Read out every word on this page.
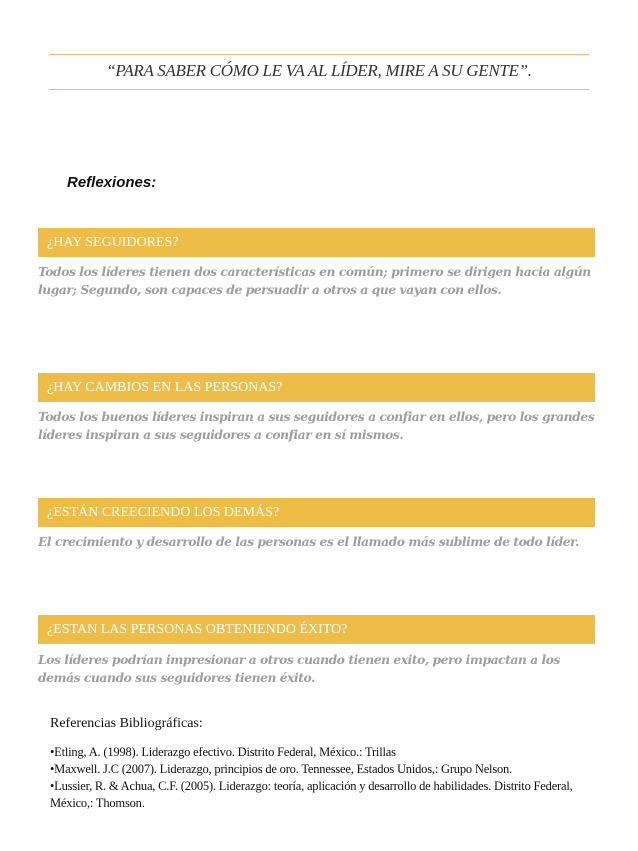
“PARA SABER CÓMO LE VA AL LÍDER, MIRE A SU GENTE”.
Reflexiones:
¿HAY SEGUIDORES?
Todos los líderes tienen dos características en común; primero se dirigen hacia algún lugar; Segundo, son capaces de persuadir a otros a que vayan con ellos.
¿HAY CAMBIOS EN LAS PERSONAS?
Todos los buenos líderes inspiran a sus seguidores a confiar en ellos, pero los grandes líderes inspiran a sus seguidores a confiar en sí mismos.
¿ESTÁN CREECIENDO LOS DEMÁS?
El crecimiento y desarrollo de las personas es el llamado más sublime de todo líder.
¿ESTAN LAS PERSONAS OBTENIENDO ÉXITO?
Los líderes podrían impresionar a otros cuando tienen exito, pero impactan a los demás cuando sus seguidores tienen éxito.
Referencias Bibliográficas:
•Etling, A. (1998). Liderazgo efectivo. Distrito Federal, México.: Trillas
•Maxwell. J.C (2007). Liderazgo, principios de oro. Tennessee, Estados Unidos,: Grupo Nelson.
•Lussier, R. & Achua, C.F. (2005). Liderazgo: teoría, aplicación y desarrollo de habilidades. Distrito Federal, México,: Thomson.
